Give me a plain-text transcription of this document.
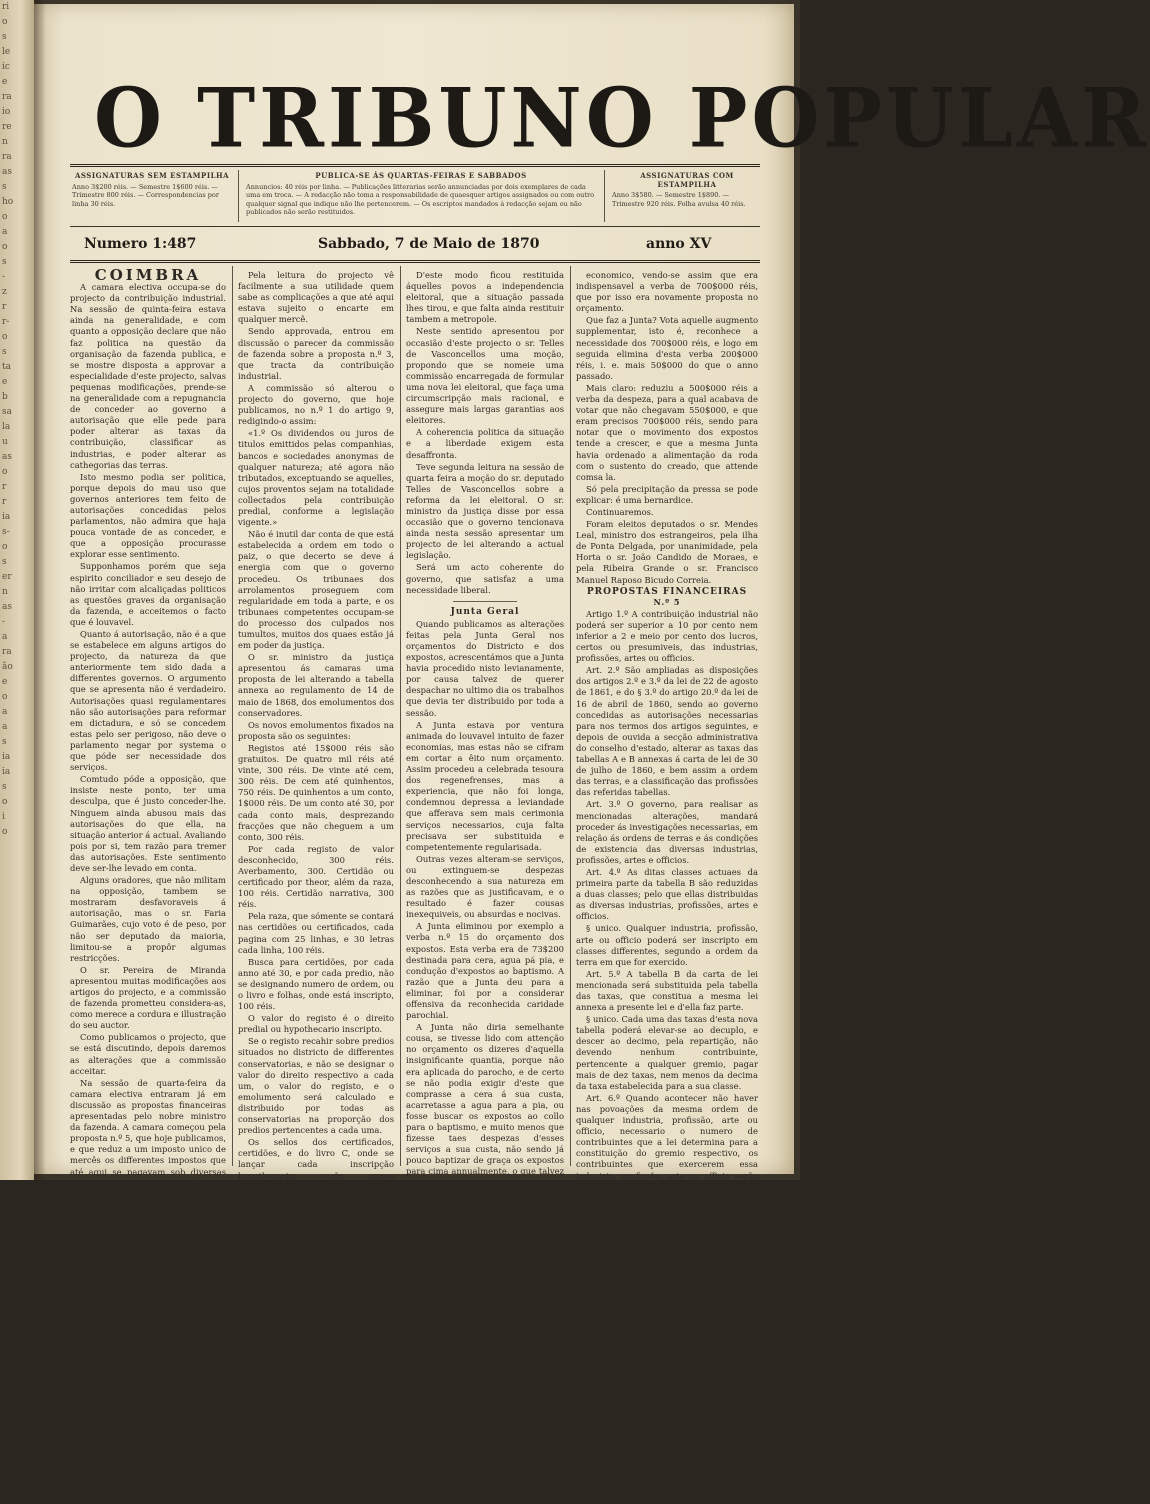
ri

o

s

le

ic

e

ra

io

re

n

ra

as

s

ho

o

a

o

s

-

z

r

r-

o

s

ta

e

b

sa

la

u

as

o

r

r

ia

s-

o

s

er

n

as

-

a

ra

ão

e

o

a

a

s

ia

ia

s

o

i

o

O TRIBUNO POPULAR
ASSIGNATURAS SEM ESTAMPILHA
Anno 3$200 réis. — Semestre 1$600 réis. — Trimestre 800 réis. — Correspondencias por linha 30 réis.
PUBLICA-SE ÁS QUARTAS-FEIRAS E SABBADOS
Annuncios: 40 réis por linha. — Publicações litterarias serão annunciadas por dois exemplares de cada uma em troca. — A redacção não toma a responsabilidade de quaesquer artigos assignados ou com outro qualquer signal que indique não lhe pertencerem. — Os escriptos mandados á redacção sejam ou não publicados não serão restituidos.
ASSIGNATURAS COM ESTAMPILHA
Anno 3$580. — Semestre 1$890. — Trimestre 920 réis. Folha avulsa 40 réis.
Numero 1:487	Sabbado, 7 de Maio de 1870	anno XV

COIMBRA

A camara electiva occupa-se do projecto da contribuição industrial. Na sessão de quinta-feira estava ainda na generalidade, e com quanto a opposição declare que não faz politica na questão da organisação da fazenda publica, e se mostre disposta a approvar a especialidade d'este projecto, salvas pequenas modificações, prende-se na generalidade com a repugnancia de conceder ao governo a autorisação que elle pede para poder alterar as taxas da contribuição, classificar as industrias, e poder alterar as cathegorias das terras.

Isto mesmo podia ser politica, porque depois do mau uso que governos anteriores tem feito de autorisações concedidas pelos parlamentos, não admira que haja pouca vontade de as conceder, e que a opposição procurasse explorar esse sentimento.

Supponhamos porém que seja espirito conciliador e seu desejo de não irritar com alcaliçadas politicos as questões graves da organisação da fazenda, e acceitemos o facto que é louvavel.

Quanto á autorisação, não é a que se estabelece em alguns artigos do projecto, da natureza da que anteriormente tem sido dada a differentes governos. O argumento que se apresenta não é verdadeiro. Autorisações quasi regulamentares não são autorisações para reformar em dictadura, e só se concedem estas pelo ser perigoso, não deve o parlamento negar por systema o que póde ser necessidade dos serviços.

Comtudo póde a opposição, que insiste neste ponto, ter uma desculpa, que é justo conceder-lhe. Ninguem ainda abusou mais das autorisações do que ella, na situação anterior á actual. Avaliando pois por si, tem razão para tremer das autorisações. Este sentimento deve ser-lhe levado em conta.

Alguns oradores, que não militam na opposição, tambem se mostraram desfavoraveis á autorisação, mas o sr. Faria Guimarães, cujo voto é de peso, por não ser deputado da maioria, limitou-se a propôr algumas restricções.

O sr. Pereira de Miranda apresentou muitas modificações aos artigos do projecto, e a commissão de fazenda prometteu considera-as, como merece a cordura e illustração do seu auctor.

Como publicamos o projecto, que se está discutindo, depois daremos as alterações que a commissão acceitar.

Na sessão de quarta-feira da camara electiva entraram já em discussão as propostas financeiras apresentadas pelo nobre ministro da fazenda. A camara começou pela proposta n.º 5, que hoje publicamos, e que reduz a um imposto unico de mercês os differentes impostos que até aqui se pagavam sob diversas designações, e por diversas instancias pelas mercês honorificas e retribuidas.

Esta proposta não contém augmento de imposto, mas diminue o serviço publico e o trabalho das partes, redundando por isso n'um economia importante.

Pela leitura do projecto vê facilmente a sua utilidade quem sabe as complicações a que até aqui estava sujeito o encarte em qualquer mercê.

Sendo approvada, entrou em discussão o parecer da commissão de fazenda sobre a proposta n.º 3, que tracta da contribuição industrial.

A commissão só alterou o projecto do governo, que hoje publicamos, no n.º 1 do artigo 9, redigindo-o assim:

«1.º Os dividendos ou juros de titulos emittidos pelas companhias, bancos e sociedades anonymas de qualquer natureza; até agora não tributados, exceptuando se aquelles, cujos proventos sejam na totalidade collectados pela contribuição predial, conforme a legislação vigente.»

Não é inutil dar conta de que está estabelecida a ordem em todo o paiz, o que decerto se deve á energia com que o governo procedeu. Os tribunaes dos arrolamentos proseguem com regularidade em toda a parte, e os tribunaes competentes occupam-se do processo dos culpados nos tumultos, muitos dos quaes estão já em poder da justiça.

O sr. ministro da justiça apresentou ás camaras uma proposta de lei alterando a tabella annexa ao regulamento de 14 de maio de 1868, dos emolumentos dos conservadores.

Os novos emolumentos fixados na proposta são os seguintes:

Registos até 15$000 réis são gratuitos. De quatro mil réis até vinte, 300 réis. De vinte até cem, 300 réis. De cem até quinhentos, 750 réis. De quinhentos a um conto, 1$000 réis. De um conto até 30, por cada conto mais, desprezando fracções que não cheguem a um conto, 300 réis.

Por cada registo de valor desconhecido, 300 réis. Averbamento, 300. Certidão ou certificado por theor, além da raza, 100 réis. Certidão narrativa, 300 réis.

Pela raza, que sómente se contará nas certidões ou certificados, cada pagina com 25 linhas, e 30 letras cada linha, 100 réis.

Busca para certidões, por cada anno até 30, e por cada predio, não se designando numero de ordem, ou o livro e folhas, onde está inscripto, 100 réis.

O valor do registo é o direito predial ou hypothecario inscripto.

Se o registo recahir sobre predios situados no districto de differentes conservatorias, e não se designar o valor do direito respectivo a cada um, o valor do registo, e o emolumento será calculado e distribuido por todas as conservatorias na proporção dos predios pertencentes a cada uma.

Os sellos dos certificados, certidões, e do livro C, onde se lançar cada inscripção hypothecaria, serão pagos separadamente pelos requerentes.

A camara electiva approvou o projecto que revoga o artigo 3.º da lei de 30 de agosto de 1869.

Os inconvenientes e prejuizos que esta disposição trazia comsigo, motivaram a proposta do governo, e assim ficou revogada uma providencia, que a muitos se afigurava util, mas que na pratica apresentava maus resultados.

Tambem foi approvado o projecto da commissão de legislação, pelo qual as provincias de Macau e Timor serão d'ora ávante representadas por dois circulos eleitoraes, cada um dos quaes dará o seu deputado.

D'este modo ficou restituida áquelles povos a independencia eleitoral, que a situação passada lhes tirou, e que falta ainda restituir tambem a metropole.

Neste sentido apresentou por occasião d'este projecto o sr. Telles de Vasconcellos uma moção, propondo que se nomeie uma commissão encarregada de formular uma nova lei eleitoral, que faça uma circumscripção mais racional, e assegure mais largas garantias aos eleitores.

A coherencia politica da situação e a liberdade exigem esta desaffronta.

Teve segunda leitura na sessão de quarta feira a moção do sr. deputado Telles de Vasconcellos sobre a reforma da lei eleitoral. O sr. ministro da justiça disse por essa occasião que o governo tencionava ainda nesta sessão apresentar um projecto de lei alterando a actual legislação.

Será um acto coherente do governo, que satisfaz a uma necessidade liberal.

Junta Geral

Quando publicamos as alterações feitas pela Junta Geral nos orçamentos do Districto e dos expostos, acrescentámos que a Junta havia procedido nisto levianamente, por causa talvez de querer despachar no ultimo dia os trabalhos que devia ter distribuido por toda a sessão.

A Junta estava por ventura animada do louvavel intuito de fazer economias, mas estas não se cifram em cortar a êito num orçamento. Assim procedeu a celebrada tesoura dos regenefrenses, mas a experiencia, que não foi longa, condemnou depressa a leviandade que afferava sem mais cerimonia serviços necessarios, cuja falta precisava ser substituida e competentemente regularisada.

Outras vezes alteram-se serviços, ou extinguem-se despezas desconhecendo a sua natureza em as razões que as justificavam, e o resultado é fazer cousas inexequiveis, ou absurdas e nocivas.

A Junta eliminou por exemplo a verba n.º 15 do orçamento dos expostos. Esta verba era de 73$200 destinada para cera, agua pá pia, e condução d'expostos ao baptismo. A razão que a Junta deu para a eliminar, foi por a considerar offensiva da reconhecida caridade parochial.

A Junta não diria semelhante cousa, se tivesse lido com attenção no orçamento os dizeres d'aquella insignificante quantia, porque não era aplicada do parocho, e de certo se não podia exigir d'este que comprasse a cera á sua custa, acarretasse a agua para a pia, ou fosse buscar os expostos ao collo para o baptismo, e muito menos que fizesse taes despezas d'esses serviços a sua custa, não sendo já pouco baptizar de graça os expostos para cima annualmente, o que talvez a Junta ignorasse.

Aquella verba era destinada á despezas feitas pelo thesoureiro, mas que não foi tirada do orçamento sem formas feitas por ele, porque se digno o respectivo parocho haviam accordado com a camara que as fizesse ella directamente.

A Junta ignorava isto por certo, ou se o sabia, quiz votar uma... levianidade.

Eliminou a Junta tambem 200$000 réis na verba n.º 16 para viveres, reduzindo d'este modo a 500$000 réis a verba de 700$000 proposta no orçamento.

Para apreciar o criterio com que o fez, basta contar a historia do que nesta mesma sessão ella fez com relação a esta materia.

Propunha o orçamento do anno passado os mesmos 700$000 réis, mas a Junta d'esse anno eliminou 150$000 réis, ficando assim a verba reduzida a 550$000 réis. Esta somma não chegou, e este anno foi presente á Junta um orçamento supplementar de réis 150$000 para os viveres no resto do anno

economico, vendo-se assim que era indispensavel a verba de 700$000 réis, que por isso era novamente proposta no orçamento.

Que faz a Junta? Vota aquelle augmento supplementar, isto é, reconhece a necessidade dos 700$000 réis, e logo em seguida elimina d'esta verba 200$000 réis, i. e. mais 50$000 do que o anno passado.

Mais claro: reduziu a 500$000 réis a verba da despeza, para a qual acabava de votar que não chegavam 550$000, e que eram precisos 700$000 réis, sendo para notar que o movimento dos expostos tende a crescer, e que a mesma Junta havia ordenado a alimentação da roda com o sustento do creado, que attende comsa la.

Só pela precipitação da pressa se pode explicar: é uma bernardice.

Continuaremos.

Foram eleitos deputados o sr. Mendes Leal, ministro dos estrangeiros, pela ilha de Ponta Delgada, por unanimidade, pela Horta o sr. João Candido de Moraes, e pela Ribeira Grande o sr. Francisco Manuel Raposo Bicudo Correia.

PROPOSTAS FINANCEIRAS

N.º 5

Artigo 1.º A contribuição industrial não poderá ser superior a 10 por cento nem inferior a 2 e meio por cento dos lucros, certos ou presumiveis, das industrias, profissões, artes ou officios.

Art. 2.º São ampliadas as disposições dos artigos 2.º e 3.º da lei de 22 de agosto de 1861, e do § 3.º do artigo 20.º da lei de 16 de abril de 1860, sendo ao governo concedidas as autorisações necessarias para nos termos dos artigos seguintes, e depois de ouvida a secção administrativa do conselho d'estado, alterar as taxas das tabellas A e B annexas á carta de lei de 30 de julho de 1860, e bem assim a ordem das terras, e a classificação das profissões das referidas tabellas.

Art. 3.º O governo, para realisar as mencionadas alterações, mandará proceder ás investigações necessarias, em relação ás ordens de terras e ás condições de existencia das diversas industrias, profissões, artes e officios.

Art. 4.º As ditas classes actuaes da primeira parte da tabella B são reduzidas a duas classes; pelo que ellas distribuidas as diversas industrias, profissões, artes e officios.

§ unico. Qualquer industria, profissão, arte ou officio poderá ser inscripto em classes differentes, segundo a ordem da terra em que for exercido.

Art. 5.º A tabella B da carta de lei mencionada será substituida pela tabella das taxas, que constitua a mesma lei annexa a presente lei e d'ella faz parte.

§ unico. Cada uma das taxas d'esta nova tabella poderá elevar-se ao decuplo, e descer ao decimo, pela repartição, não devendo nenhum contribuinte, pertencente a qualquer gremio, pagar mais de dez taxas, nem menos da decima da taxa estabelecida para a sua classe.

Art. 6.º Quando acontecer não haver nas povoações da mesma ordem de qualquer industria, profissão, arte ou officio, necessario o numero de contribuintes que a lei determina para a constituição do gremio respectivo, os contribuintes que exercerem essa industria, profissão, arte ou officio serão encorporados em outro gremio da mesma classe.

Se não houver outro gremio da mesma classe, a encorporação será feita em gremio de classe immediatamente inferior.

Art. 7.º Decretadas as tabellas, em virtude do disposto no artigo 2.º, o governo poderá, ouvida a secção administrativa do conselho d'estado, reduzir provisoriamente até que os côrtes hajam de prover, as taxas impostas a qualquer industria, profissão, arte ou officio, comprehendidas nas mesmas tabellas A e B, assim como alterar as ordens de terras ou em alguma d'ellas,
